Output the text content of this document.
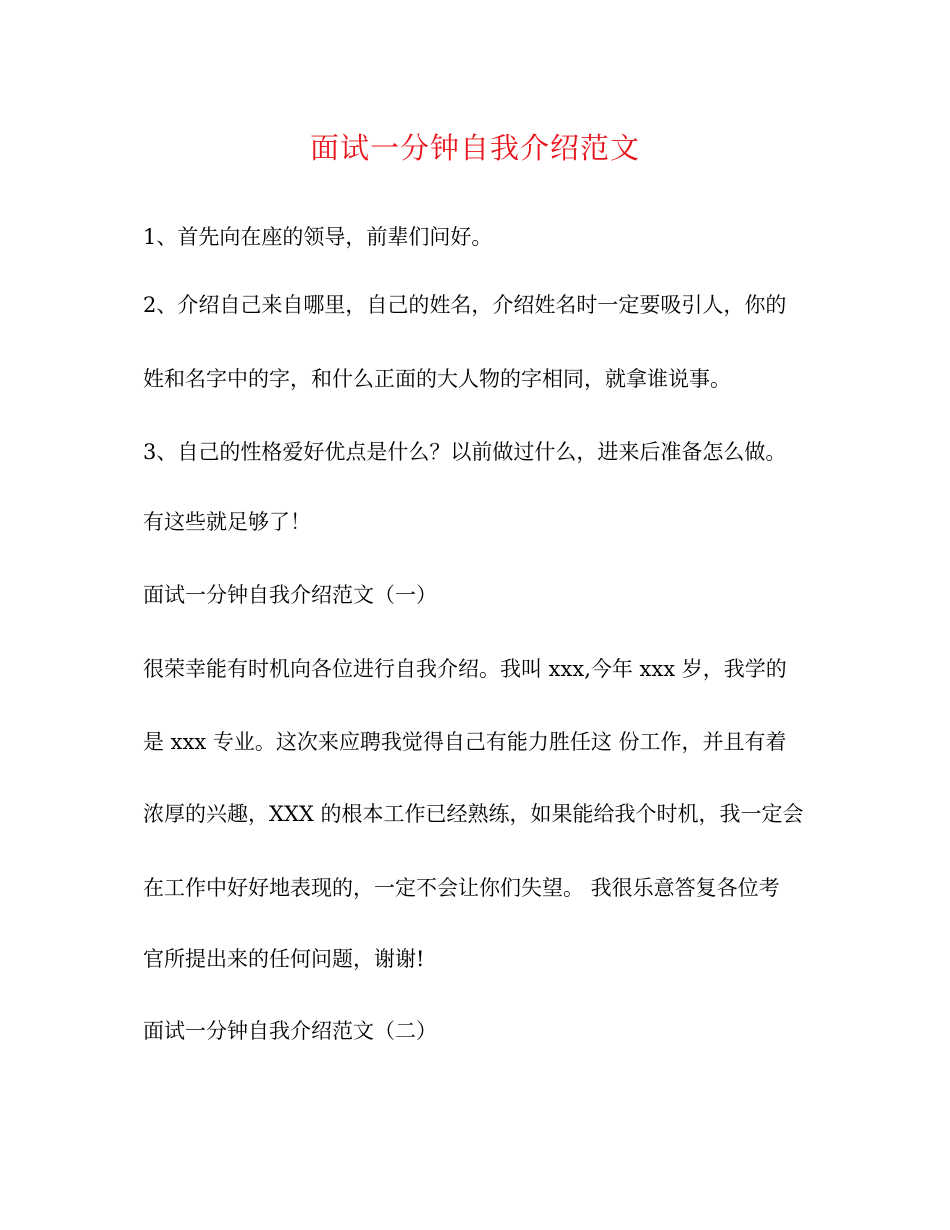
面试一分钟自我介绍范文

1、首先向在座的领导，前辈们问好。

2、介绍自己来自哪里，自己的姓名，介绍姓名时一定要吸引人，你的

姓和名字中的字，和什么正面的大人物的字相同，就拿谁说事。

3、自己的性格爱好优点是什么？以前做过什么，进来后准备怎么做。

有这些就足够了！

面试一分钟自我介绍范文（一）

很荣幸能有时机向各位进行自我介绍。我叫 xxx,今年 xxx 岁，我学的

是 xxx 专业。这次来应聘我觉得自己有能力胜任这 份工作，并且有着

浓厚的兴趣，XXX 的根本工作已经熟练，如果能给我个时机，我一定会

在工作中好好地表现的，一定不会让你们失望。 我很乐意答复各位考

官所提出来的任何问题，谢谢!

面试一分钟自我介绍范文（二）
